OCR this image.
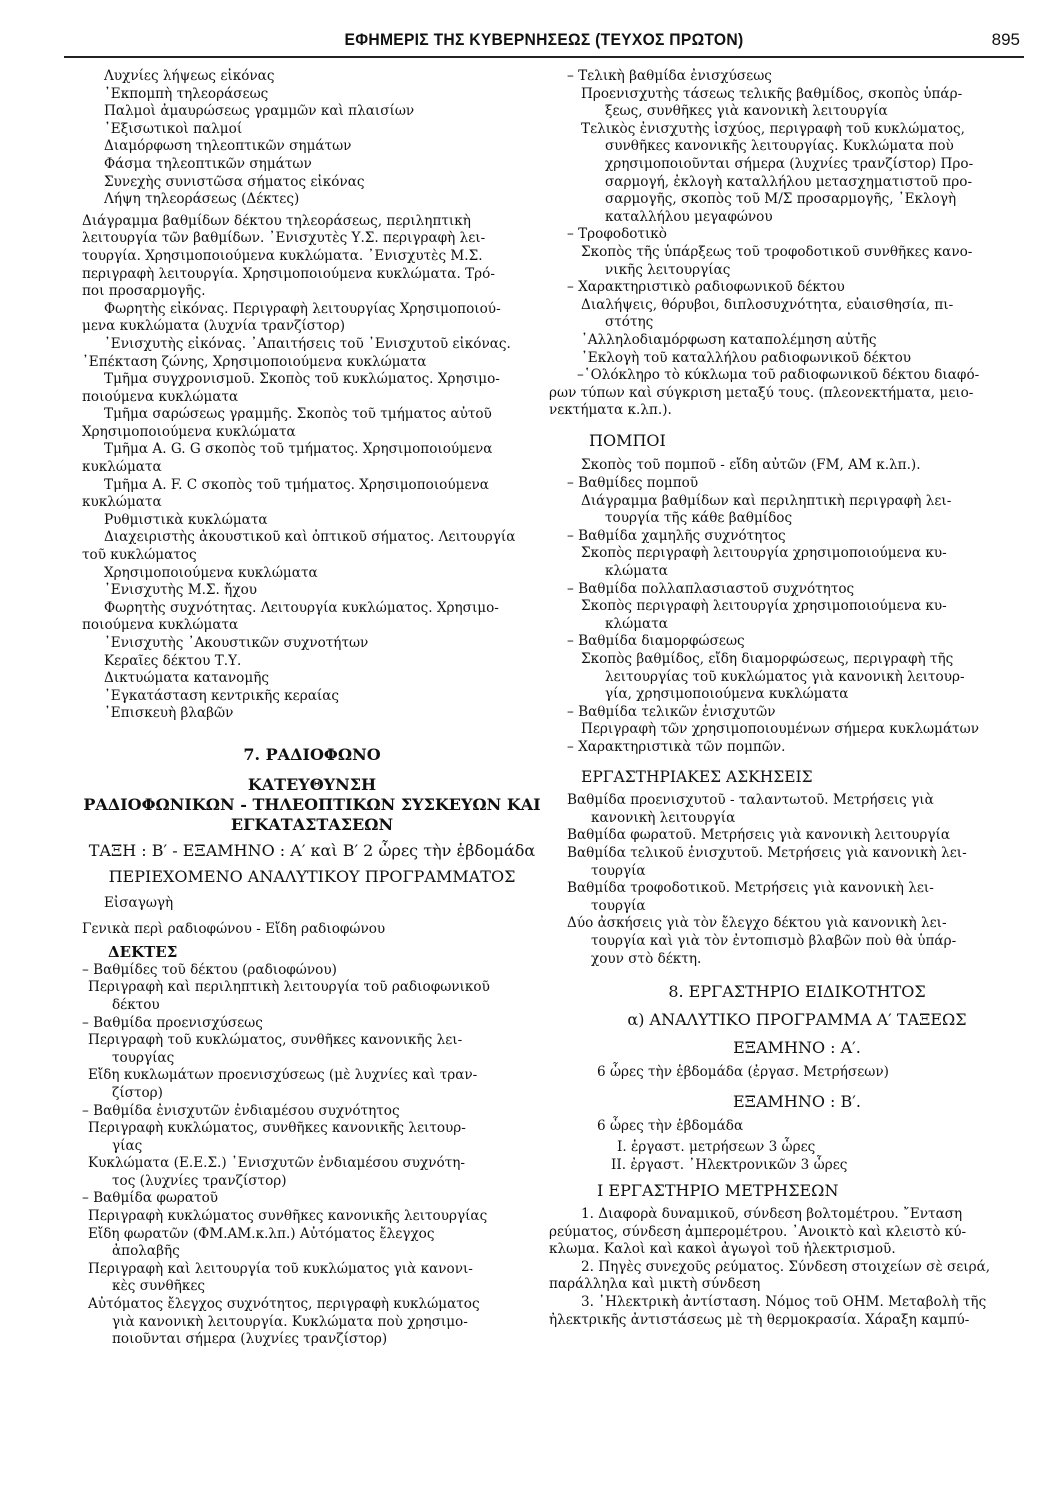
ΕΦΗΜΕΡΙΣ ΤΗΣ ΚΥΒΕΡΝΗΣΕΩΣ (ΤΕΥΧΟΣ ΠΡΩΤΟΝ)	895
Λυχνίες λήψεως εἰκόνας
᾿Εκπομπὴ τηλεοράσεως
Παλμοὶ ἀμαυρώσεως γραμμῶν καὶ πλαισίων
᾿Εξισωτικοὶ παλμοί
Διαμόρφωση τηλεοπτικῶν σημάτων
Φάσμα τηλεοπτικῶν σημάτων
Συνεχὴς συνιστῶσα σήματος εἰκόνας
Λήψη τηλεοράσεως (Δέκτες)
Διάγραμμα βαθμίδων δέκτου τηλεοράσεως, περιληπτικὴ
λειτουργία τῶν βαθμίδων. ᾿Ενισχυτὲς Υ.Σ. περιγραφὴ λει-
τουργία. Χρησιμοποιούμενα κυκλώματα. ᾿Ενισχυτὲς Μ.Σ.
περιγραφὴ λειτουργία. Χρησιμοποιούμενα κυκλώματα. Τρό-
ποι προσαρμογῆς.
Φωρητὴς εἰκόνας. Περιγραφὴ λειτουργίας Χρησιμοποιού-
μενα κυκλώματα (λυχνία τρανζίστορ)
᾿Ενισχυτὴς εἰκόνας. ᾿Απαιτήσεις τοῦ ᾿Ενισχυτοῦ εἰκόνας.
᾿Επέκταση ζώνης, Χρησιμοποιούμενα κυκλώματα
Τμῆμα συγχρονισμοῦ. Σκοπὸς τοῦ κυκλώματος. Χρησιμο-
ποιούμενα κυκλώματα
Τμῆμα σαρώσεως γραμμῆς. Σκοπὸς τοῦ τμήματος αὐτοῦ
Χρησιμοποιούμενα κυκλώματα
Τμῆμα A. G. G σκοπὸς τοῦ τμήματος. Χρησιμοποιούμενα
κυκλώματα
Τμῆμα A. F. C σκοπὸς τοῦ τμήματος. Χρησιμοποιούμενα
κυκλώματα
Ρυθμιστικὰ κυκλώματα
Διαχειριστὴς ἀκουστικοῦ καὶ ὀπτικοῦ σήματος. Λειτουργία
τοῦ κυκλώματος
Χρησιμοποιούμενα κυκλώματα
᾿Ενισχυτὴς Μ.Σ. ἤχου
Φωρητὴς συχνότητας. Λειτουργία κυκλώματος. Χρησιμο-
ποιούμενα κυκλώματα
᾿Ενισχυτὴς ᾿Ακουστικῶν συχνοτήτων
Κεραῖες δέκτου Τ.Υ.
Δικτυώματα κατανομῆς
᾿Εγκατάσταση κεντρικῆς κεραίας
᾿Επισκευὴ βλαβῶν
7. ΡΑΔΙΟΦΩΝΟ
ΚΑΤΕΥΘΥΝΣΗ
ΡΑΔΙΟΦΩΝΙΚΩΝ - ΤΗΛΕΟΠΤΙΚΩΝ ΣΥΣΚΕΥΩΝ ΚΑΙ
ΕΓΚΑΤΑΣΤΑΣΕΩΝ
ΤΑΞΗ : Β′ - ΕΞΑΜΗΝΟ : Α′ καὶ Β′ 2 ὧρες τὴν ἑβδομάδα
ΠΕΡΙΕΧΟΜΕΝΟ ΑΝΑΛΥΤΙΚΟΥ ΠΡΟΓΡΑΜΜΑΤΟΣ
Εἰσαγωγὴ
Γενικὰ περὶ ραδιοφώνου - Εἴδη ραδιοφώνου
ΔΕΚΤΕΣ
– Βαθμίδες τοῦ δέκτου (ραδιοφώνου)
Περιγραφὴ καὶ περιληπτικὴ λειτουργία τοῦ ραδιοφωνικοῦ
δέκτου
– Βαθμίδα προενισχύσεως
Περιγραφὴ τοῦ κυκλώματος, συνθῆκες κανονικῆς λει-
τουργίας
Εἴδη κυκλωμάτων προενισχύσεως (μὲ λυχνίες καὶ τραν-
ζίστορ)
– Βαθμίδα ἐνισχυτῶν ἐνδιαμέσου συχνότητος
Περιγραφὴ κυκλώματος, συνθῆκες κανονικῆς λειτουρ-
γίας
Κυκλώματα (Ε.Ε.Σ.) ᾿Ενισχυτῶν ἐνδιαμέσου συχνότη-
τος (λυχνίες τρανζίστορ)
– Βαθμίδα φωρατοῦ
Περιγραφὴ κυκλώματος συνθῆκες κανονικῆς λειτουργίας
Εἴδη φωρατῶν (ΦΜ.ΑΜ.κ.λπ.) Αὐτόματος ἔλεγχος
ἀπολαβῆς
Περιγραφὴ καὶ λειτουργία τοῦ κυκλώματος γιὰ κανονι-
κὲς συνθῆκες
Αὐτόματος ἔλεγχος συχνότητος, περιγραφὴ κυκλώματος
γιὰ κανονικὴ λειτουργία. Κυκλώματα ποὺ χρησιμο-
ποιοῦνται σήμερα (λυχνίες τρανζίστορ)
– Τελικὴ βαθμίδα ἐνισχύσεως
Προενισχυτὴς τάσεως τελικῆς βαθμίδος, σκοπὸς ὑπάρ-
ξεως, συνθῆκες γιὰ κανονικὴ λειτουργία
Τελικὸς ἐνισχυτὴς ἰσχύος, περιγραφὴ τοῦ κυκλώματος,
συνθῆκες κανονικῆς λειτουργίας. Κυκλώματα ποὺ
χρησιμοποιοῦνται σήμερα (λυχνίες τρανζίστορ) Προ-
σαρμογή, ἐκλογὴ καταλλήλου μετασχηματιστοῦ προ-
σαρμογῆς, σκοπὸς τοῦ Μ/Σ προσαρμογῆς, ᾿Εκλογὴ
καταλλήλου μεγαφώνου
– Τροφοδοτικὸ
Σκοπὸς τῆς ὑπάρξεως τοῦ τροφοδοτικοῦ συνθῆκες κανο-
νικῆς λειτουργίας
– Χαρακτηριστικὸ ραδιοφωνικοῦ δέκτου
Διαλήψεις, θόρυβοι, διπλοσυχνότητα, εὐαισθησία, πι-
στότης
᾿Αλληλοδιαμόρφωση καταπολέμηση αὐτῆς
᾿Εκλογὴ τοῦ καταλλήλου ραδιοφωνικοῦ δέκτου
–῾Ολόκληρο τὸ κύκλωμα τοῦ ραδιοφωνικοῦ δέκτου διαφό-
ρων τύπων καὶ σύγκριση μεταξύ τους. (πλεονεκτήματα, μειο-
νεκτήματα κ.λπ.).
ΠΟΜΠΟΙ
Σκοπὸς τοῦ πομποῦ - εἴδη αὐτῶν (FM, AM κ.λπ.).
– Βαθμίδες πομποῦ
Διάγραμμα βαθμίδων καὶ περιληπτικὴ περιγραφὴ λει-
τουργία τῆς κάθε βαθμίδος
– Βαθμίδα χαμηλῆς συχνότητος
Σκοπὸς περιγραφὴ λειτουργία χρησιμοποιούμενα κυ-
κλώματα
– Βαθμίδα πολλαπλασιαστοῦ συχνότητος
Σκοπὸς περιγραφὴ λειτουργία χρησιμοποιούμενα κυ-
κλώματα
– Βαθμίδα διαμορφώσεως
Σκοπὸς βαθμίδος, εἴδη διαμορφώσεως, περιγραφὴ τῆς
λειτουργίας τοῦ κυκλώματος γιὰ κανονικὴ λειτουρ-
γία, χρησιμοποιούμενα κυκλώματα
– Βαθμίδα τελικῶν ἐνισχυτῶν
Περιγραφὴ τῶν χρησιμοποιουμένων σήμερα κυκλωμάτων
– Χαρακτηριστικὰ τῶν πομπῶν.
ΕΡΓΑΣΤΗΡΙΑΚΕΣ ΑΣΚΗΣΕΙΣ
Βαθμίδα προενισχυτοῦ - ταλαντωτοῦ. Μετρήσεις γιὰ
κανονικὴ λειτουργία
Βαθμίδα φωρατοῦ. Μετρήσεις γιὰ κανονικὴ λειτουργία
Βαθμίδα τελικοῦ ἐνισχυτοῦ. Μετρήσεις γιὰ κανονικὴ λει-
τουργία
Βαθμίδα τροφοδοτικοῦ. Μετρήσεις γιὰ κανονικὴ λει-
τουργία
Δύο ἀσκήσεις γιὰ τὸν ἔλεγχο δέκτου γιὰ κανονικὴ λει-
τουργία καὶ γιὰ τὸν ἐντοπισμὸ βλαβῶν ποὺ θὰ ὑπάρ-
χουν στὸ δέκτη.
8. ΕΡΓΑΣΤΗΡΙΟ ΕΙΔΙΚΟΤΗΤΟΣ
α) ΑΝΑΛΥΤΙΚΟ ΠΡΟΓΡΑΜΜΑ Α′ ΤΑΞΕΩΣ
ΕΞΑΜΗΝΟ : Α′.
6 ὧρες τὴν ἑβδομάδα (ἐργασ. Μετρήσεων)
ΕΞΑΜΗΝΟ : Β′.
6 ὧρες τὴν ἑβδομάδα
I. ἐργαστ. μετρήσεων 3 ὧρες
II. ἐργαστ. ᾿Ηλεκτρονικῶν 3 ὧρες
Ι ΕΡΓΑΣΤΗΡΙΟ ΜΕΤΡΗΣΕΩΝ
1. Διαφορὰ δυναμικοῦ, σύνδεση βολτομέτρου. ῎Ενταση
ρεύματος, σύνδεση ἀμπερομέτρου. ᾿Ανοικτὸ καὶ κλειστὸ κύ-
κλωμα. Καλοὶ καὶ κακοὶ ἀγωγοὶ τοῦ ἠλεκτρισμοῦ.
2. Πηγὲς συνεχοῦς ρεύματος. Σύνδεση στοιχείων σὲ σειρά,
παράλληλα καὶ μικτὴ σύνδεση
3. ᾿Ηλεκτρικὴ ἀντίσταση. Νόμος τοῦ ΟΗΜ. Μεταβολὴ τῆς
ἠλεκτρικῆς ἀντιστάσεως μὲ τὴ θερμοκρασία. Χάραξη καμπύ-
